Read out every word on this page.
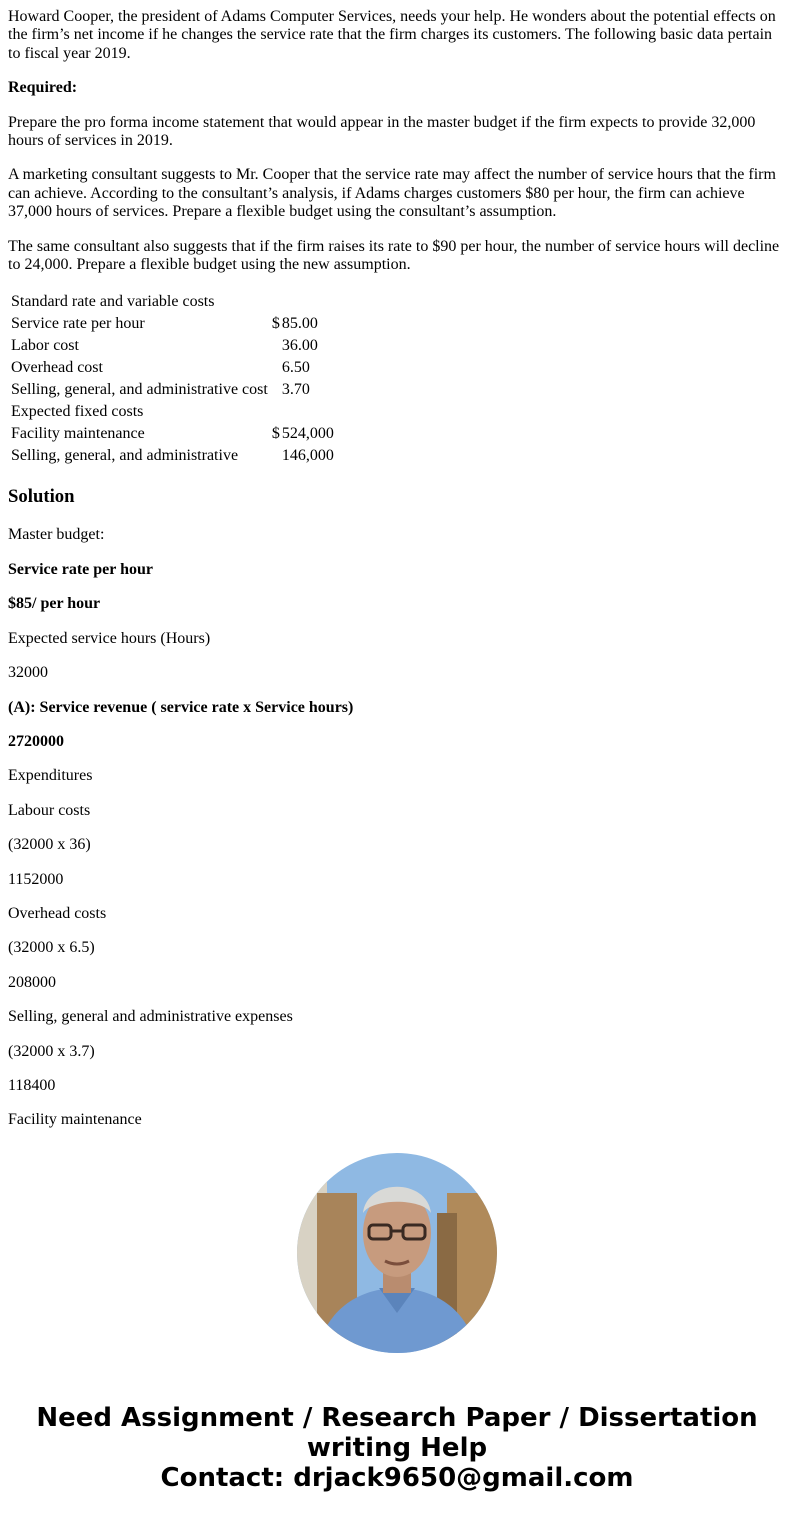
Howard Cooper, the president of Adams Computer Services, needs your help. He wonders about the potential effects on the firm’s net income if he changes the service rate that the firm charges its customers. The following basic data pertain to fiscal year 2019.

Required:

Prepare the pro forma income statement that would appear in the master budget if the firm expects to provide 32,000 hours of services in 2019.

A marketing consultant suggests to Mr. Cooper that the service rate may affect the number of service hours that the firm can achieve. According to the consultant’s analysis, if Adams charges customers $80 per hour, the firm can achieve 37,000 hours of services. Prepare a flexible budget using the consultant’s assumption.

The same consultant also suggests that if the firm raises its rate to $90 per hour, the number of service hours will decline to 24,000. Prepare a flexible budget using the new assumption.

Standard rate and variable costs		
Service rate per hour	$	85.00
Labor cost		36.00
Overhead cost		6.50
Selling, general, and administrative cost		3.70
Expected fixed costs		
Facility maintenance	$	524,000
Selling, general, and administrative		146,000
Solution

Master budget:

Service rate per hour

$85/ per hour

Expected service hours (Hours)

32000

(A): Service revenue ( service rate x Service hours)

2720000

Expenditures

Labour costs

(32000 x 36)

1152000

Overhead costs

(32000 x 6.5)

208000

Selling, general and administrative expenses

(32000 x 3.7)

118400

Facility maintenance

Need Assignment / Research Paper / Dissertation
writing Help
Contact: drjack9650@gmail.com
